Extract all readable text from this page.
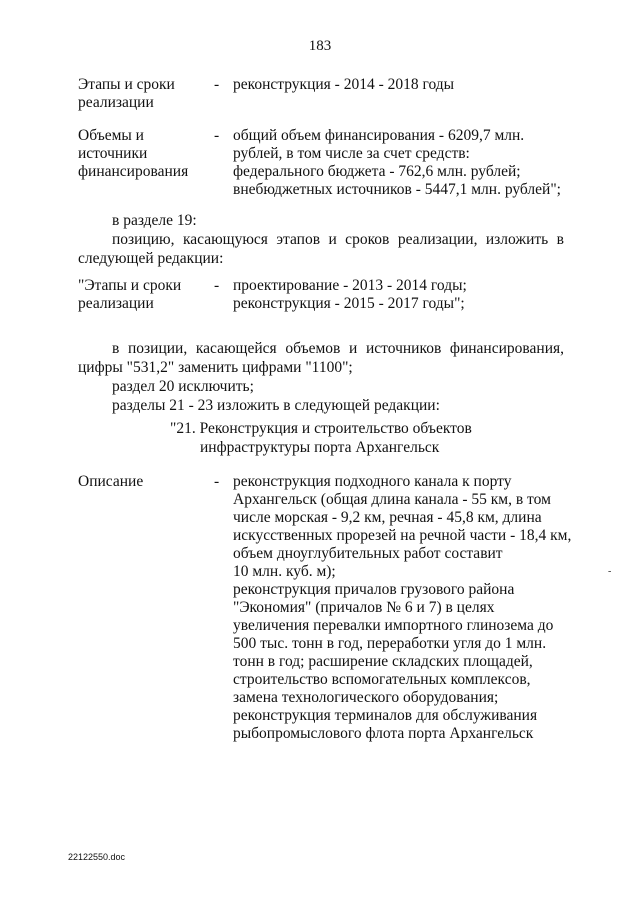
183
Этапы и сроки
реализации
- реконструкция - 2014 - 2018 годы
Объемы и
источники
финансирования
- общий объем финансирования - 6209,7 млн.
рублей, в том числе за счет средств:
федерального бюджета - 762,6 млн. рублей;
внебюджетных источников - 5447,1 млн. рублей";
в разделе 19:
позицию, касающуюся этапов и сроков реализации, изложить в
следующей редакции:
"Этапы и сроки
реализации
- проектирование - 2013 - 2014 годы;
реконструкция - 2015 - 2017 годы";
в позиции, касающейся объемов и источников финансирования,
цифры "531,2" заменить цифрами "1100";
раздел 20 исключить;
разделы 21 - 23 изложить в следующей редакции:
"21. Реконструкция и строительство объектов
инфраструктуры порта Архангельск
Описание	- реконструкция подходного канала к порту
Архангельск (общая длина канала - 55 км, в том
числе морская - 9,2 км, речная - 45,8 км, длина
искусственных прорезей на речной части - 18,4 км,
объем дноуглубительных работ составит
10 млн. куб. м);
реконструкция причалов грузового района
"Экономия" (причалов № 6 и 7) в целях
увеличения перевалки импортного глинозема до
500 тыс. тонн в год, переработки угля до 1 млн.
тонн в год; расширение складских площадей,
строительство вспомогательных комплексов,
замена технологического оборудования;
реконструкция терминалов для обслуживания
рыбопромыслового флота порта Архангельск
-
22122550.doc
